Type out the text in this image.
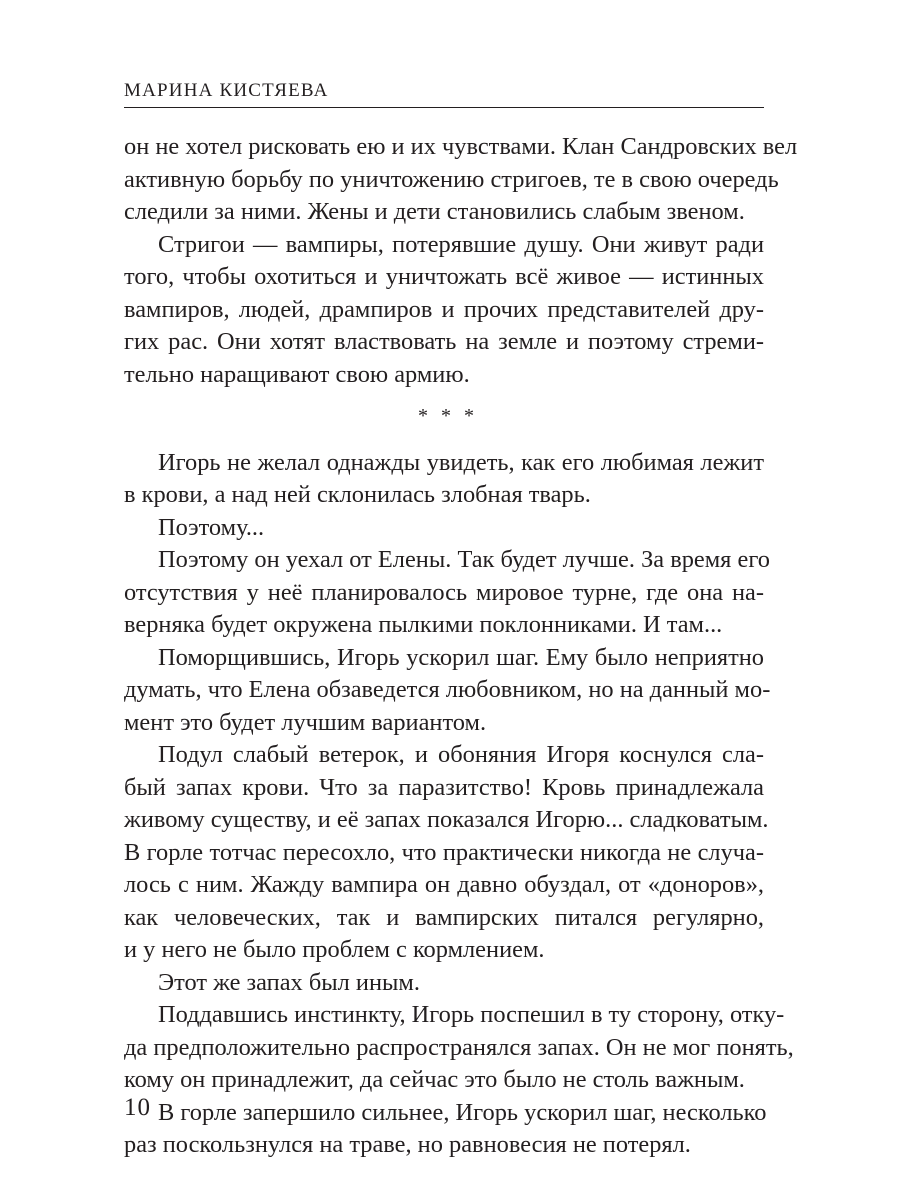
МАРИНА КИСТЯЕВА

он не хотел рисковать ею и их чувствами. Клан Сандровских вел
активную борьбу по уничтожению стригоев, те в свою очередь
следили за ними. Жены и дети становились слабым звеном.

Стригои — вампиры, потерявшие душу. Они живут ради
того, чтобы охотиться и уничтожать всё живое — истинных
вампиров, людей, дрампиров и прочих представителей дру-
гих рас. Они хотят властвовать на земле и поэтому стреми-
тельно наращивают свою армию.

* * *

Игорь не желал однажды увидеть, как его любимая лежит
в крови, а над ней склонилась злобная тварь.

Поэтому...

Поэтому он уехал от Елены. Так будет лучше. За время его
отсутствия у неё планировалось мировое турне, где она на-
верняка будет окружена пылкими поклонниками. И там...

Поморщившись, Игорь ускорил шаг. Ему было неприятно
думать, что Елена обзаведется любовником, но на данный мо-
мент это будет лучшим вариантом.

Подул слабый ветерок, и обоняния Игоря коснулся сла-
бый запах крови. Что за паразитство! Кровь принадлежала
живому существу, и её запах показался Игорю... сладковатым.
В горле тотчас пересохло, что практически никогда не случа-
лось с ним. Жажду вампира он давно обуздал, от «доноров»,
как человеческих, так и вампирских питался регулярно,
и у него не было проблем с кормлением.

Этот же запах был иным.

Поддавшись инстинкту, Игорь поспешил в ту сторону, отку-
да предположительно распространялся запах. Он не мог понять,
кому он принадлежит, да сейчас это было не столь важным.

В горле запершило сильнее, Игорь ускорил шаг, несколько
раз поскользнулся на траве, но равновесия не потерял.

10
